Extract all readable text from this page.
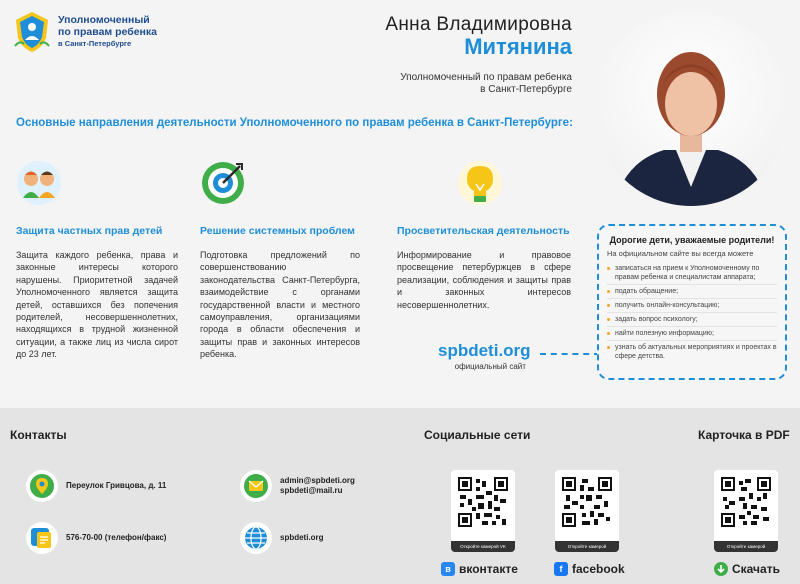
Уполномоченный
по правам ребенка
в Санкт-Петербурге
Анна Владимировна
Митянина
Уполномоченный по правам ребенка
в Санкт-Петербурге
Основные направления деятельности Уполномоченного по правам ребенка в Санкт-Петербурге:
Защита частных прав детей

Защита каждого ребенка, права и законные интересы которого нарушены. Приоритетной задачей Уполномоченного является защита детей, оставшихся без попечения родителей, несовершеннолетних, находящихся в трудной жизненной ситуации, а также лиц из числа сирот до 23 лет.

Решение системных проблем

Подготовка предложений по совершенствованию законодательства Санкт-Петербурга, взаимодействие с органами государственной власти и местного самоуправления, организациями города в области обеспечения и защиты прав и законных интересов ребенка.

Просветительская деятельность

Информирование и правовое просвещение петербуржцев в сфере реализации, соблюдения и защиты прав и законных интересов несовершеннолетних.

spbdeti.org
официальный сайт
Дорогие дети, уважаемые родители!
На официальном сайте вы всегда можете
записаться на прием к Уполномоченному по правам ребенка и специалистам аппарата;
подать обращение;
получить онлайн-консультацию;
задать вопрос психологу;
найти полезную информацию;
узнать об актуальных мероприятиях и проектах в сфере детства.
Контакты	Социальные сети	Карточка в PDF
Переулок Гривцова, д. 11
576-70-00 (телефон/факс)
admin@spbdeti.org
spbdeti@mail.ru
spbdeti.org
Откройте камерой VK	Откройте камерой	Откройте камерой
в вконтакте	f facebook	Скачать
